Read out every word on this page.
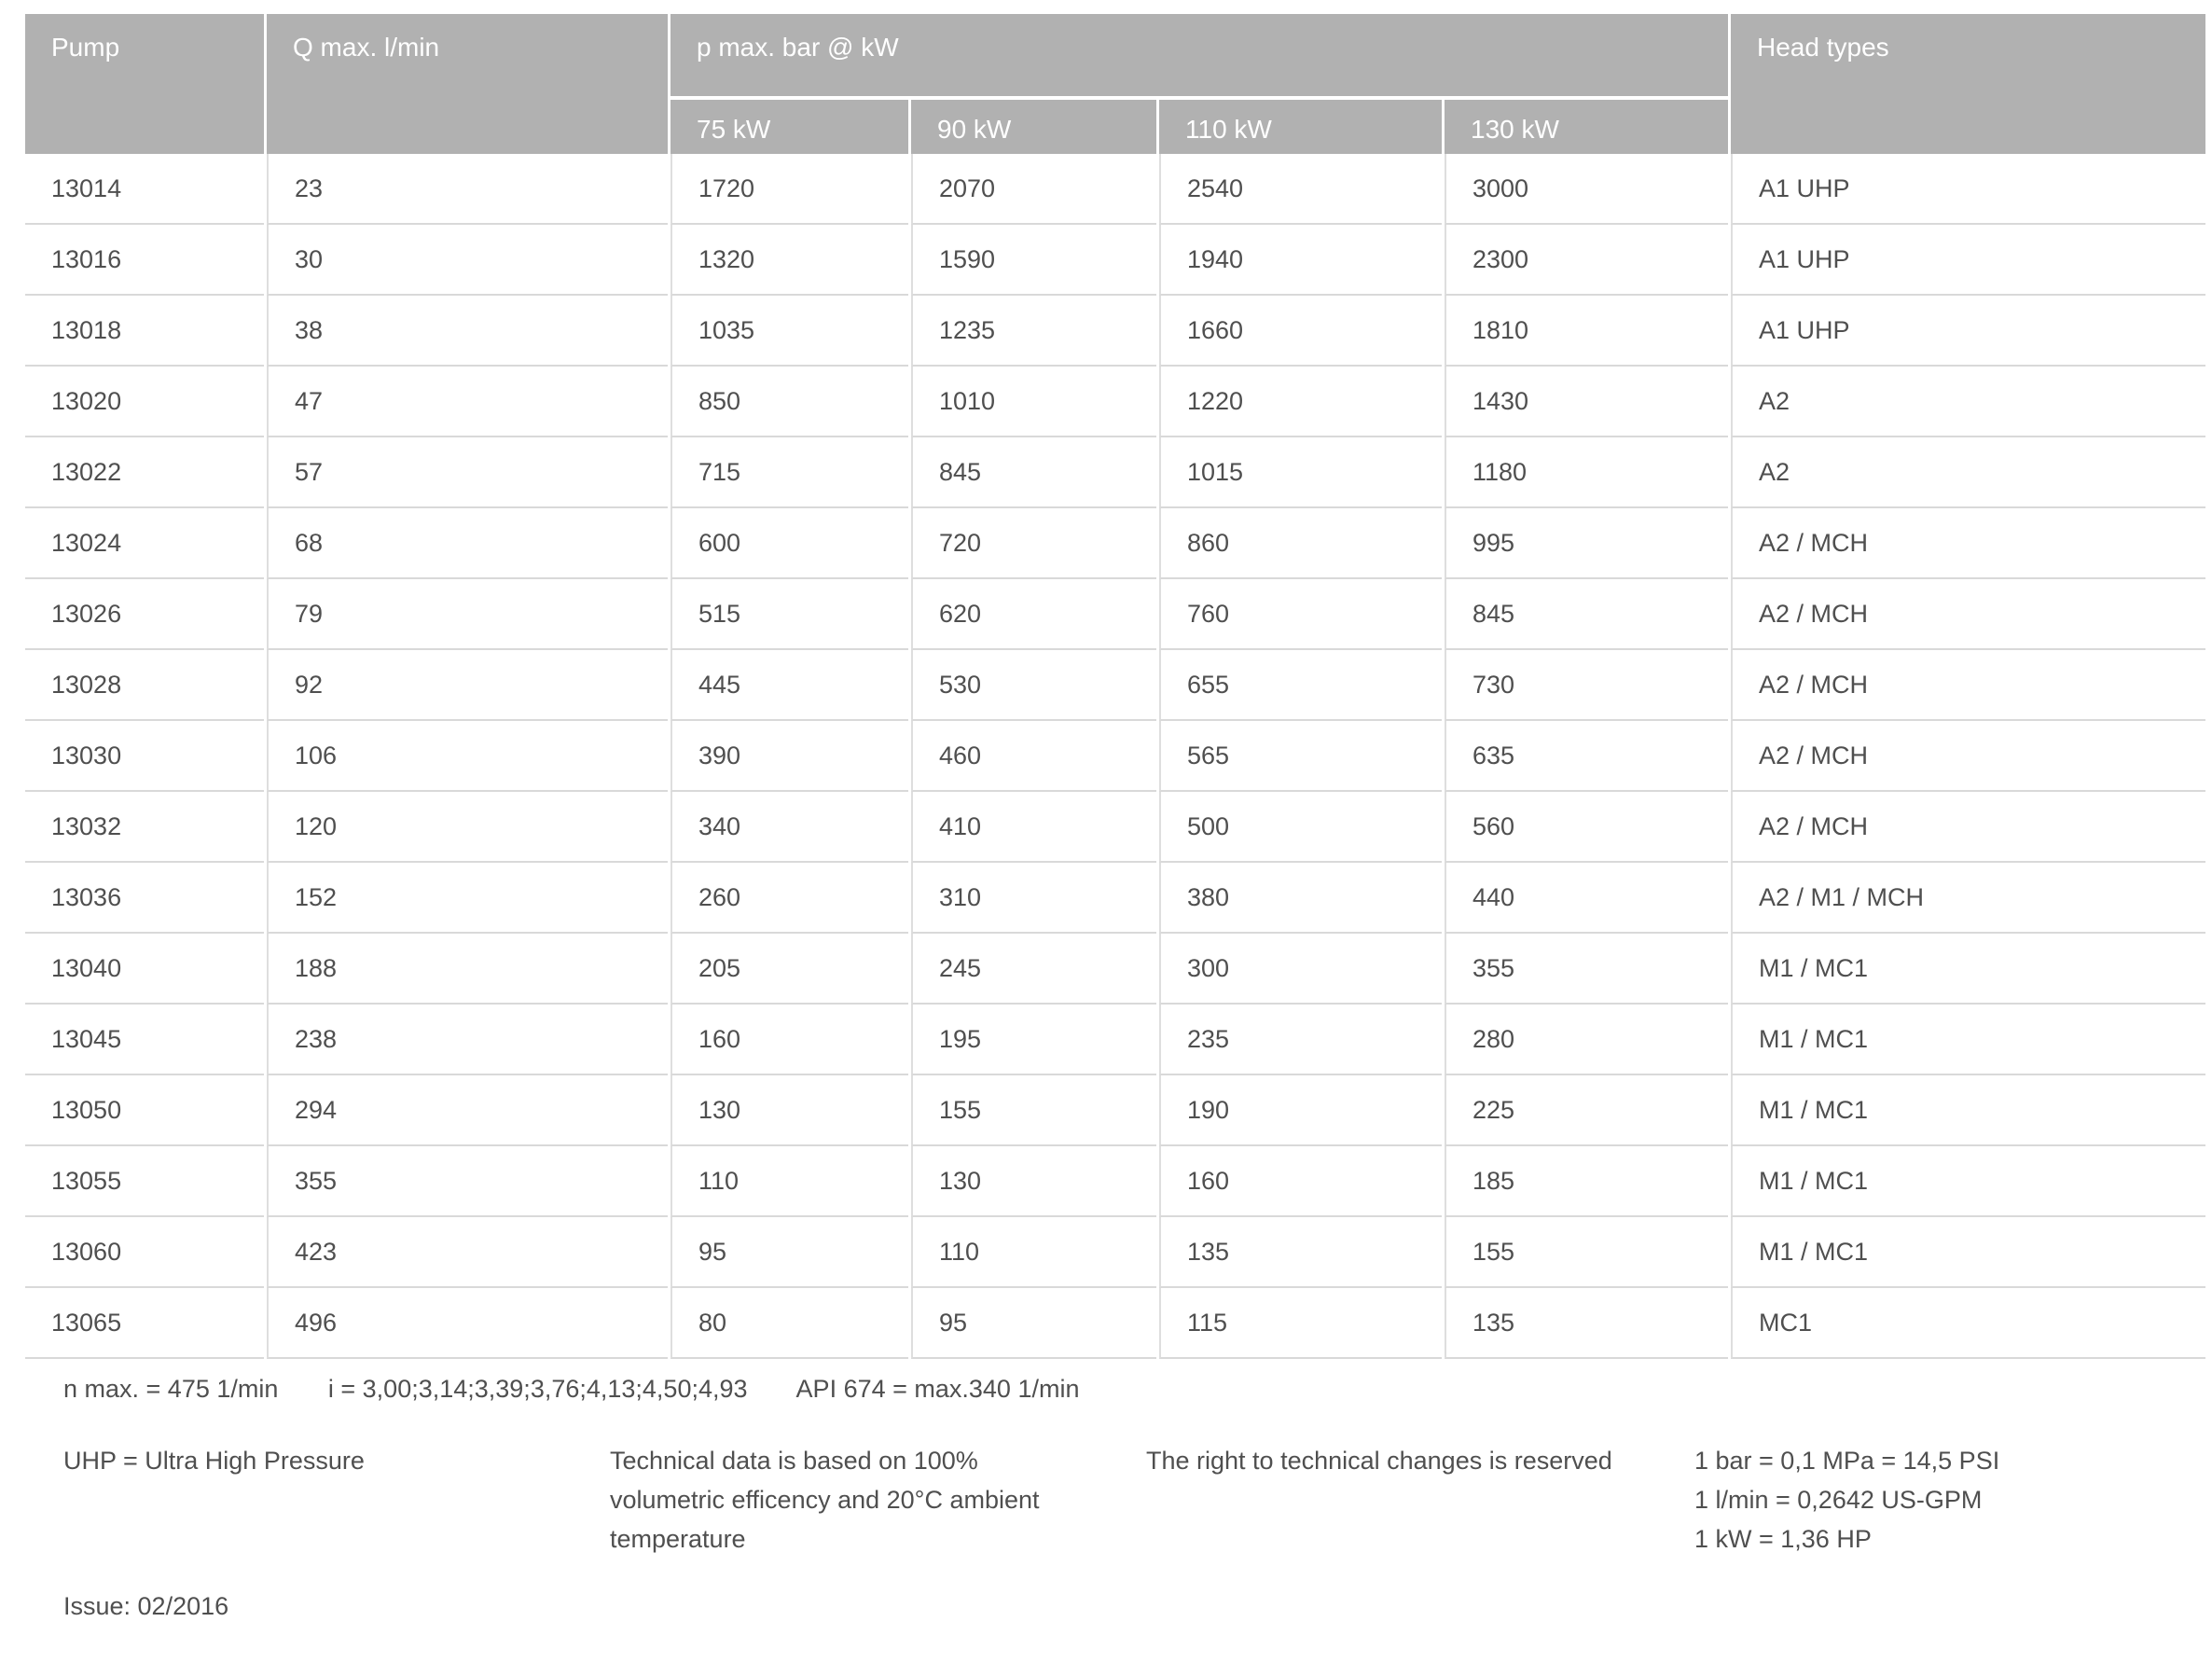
Pump	Q max. l/min	p max. bar @ kW				Head types
		75 kW	90 kW	110 kW	130 kW	
13014	23	1720	2070	2540	3000	A1 UHP
13016	30	1320	1590	1940	2300	A1 UHP
13018	38	1035	1235	1660	1810	A1 UHP
13020	47	850	1010	1220	1430	A2
13022	57	715	845	1015	1180	A2
13024	68	600	720	860	995	A2 / MCH
13026	79	515	620	760	845	A2 / MCH
13028	92	445	530	655	730	A2 / MCH
13030	106	390	460	565	635	A2 / MCH
13032	120	340	410	500	560	A2 / MCH
13036	152	260	310	380	440	A2 / M1 / MCH
13040	188	205	245	300	355	M1 / MC1
13045	238	160	195	235	280	M1 / MC1
13050	294	130	155	190	225	M1 / MC1
13055	355	110	130	160	185	M1 / MC1
13060	423	95	110	135	155	M1 / MC1
13065	496	80	95	115	135	MC1
n max. = 475 1/min i = 3,00;3,14;3,39;3,76;4,13;4,50;4,93 API 674 = max.340 1/min
UHP = Ultra High Pressure	Technical data is based on 100%
volumetric efficency and 20°C ambient
temperature
The right to technical changes is reserved	1 bar = 0,1 MPa = 14,5 PSI
1 l/min = 0,2642 US-GPM
1 kW = 1,36 HP
Issue: 02/2016
